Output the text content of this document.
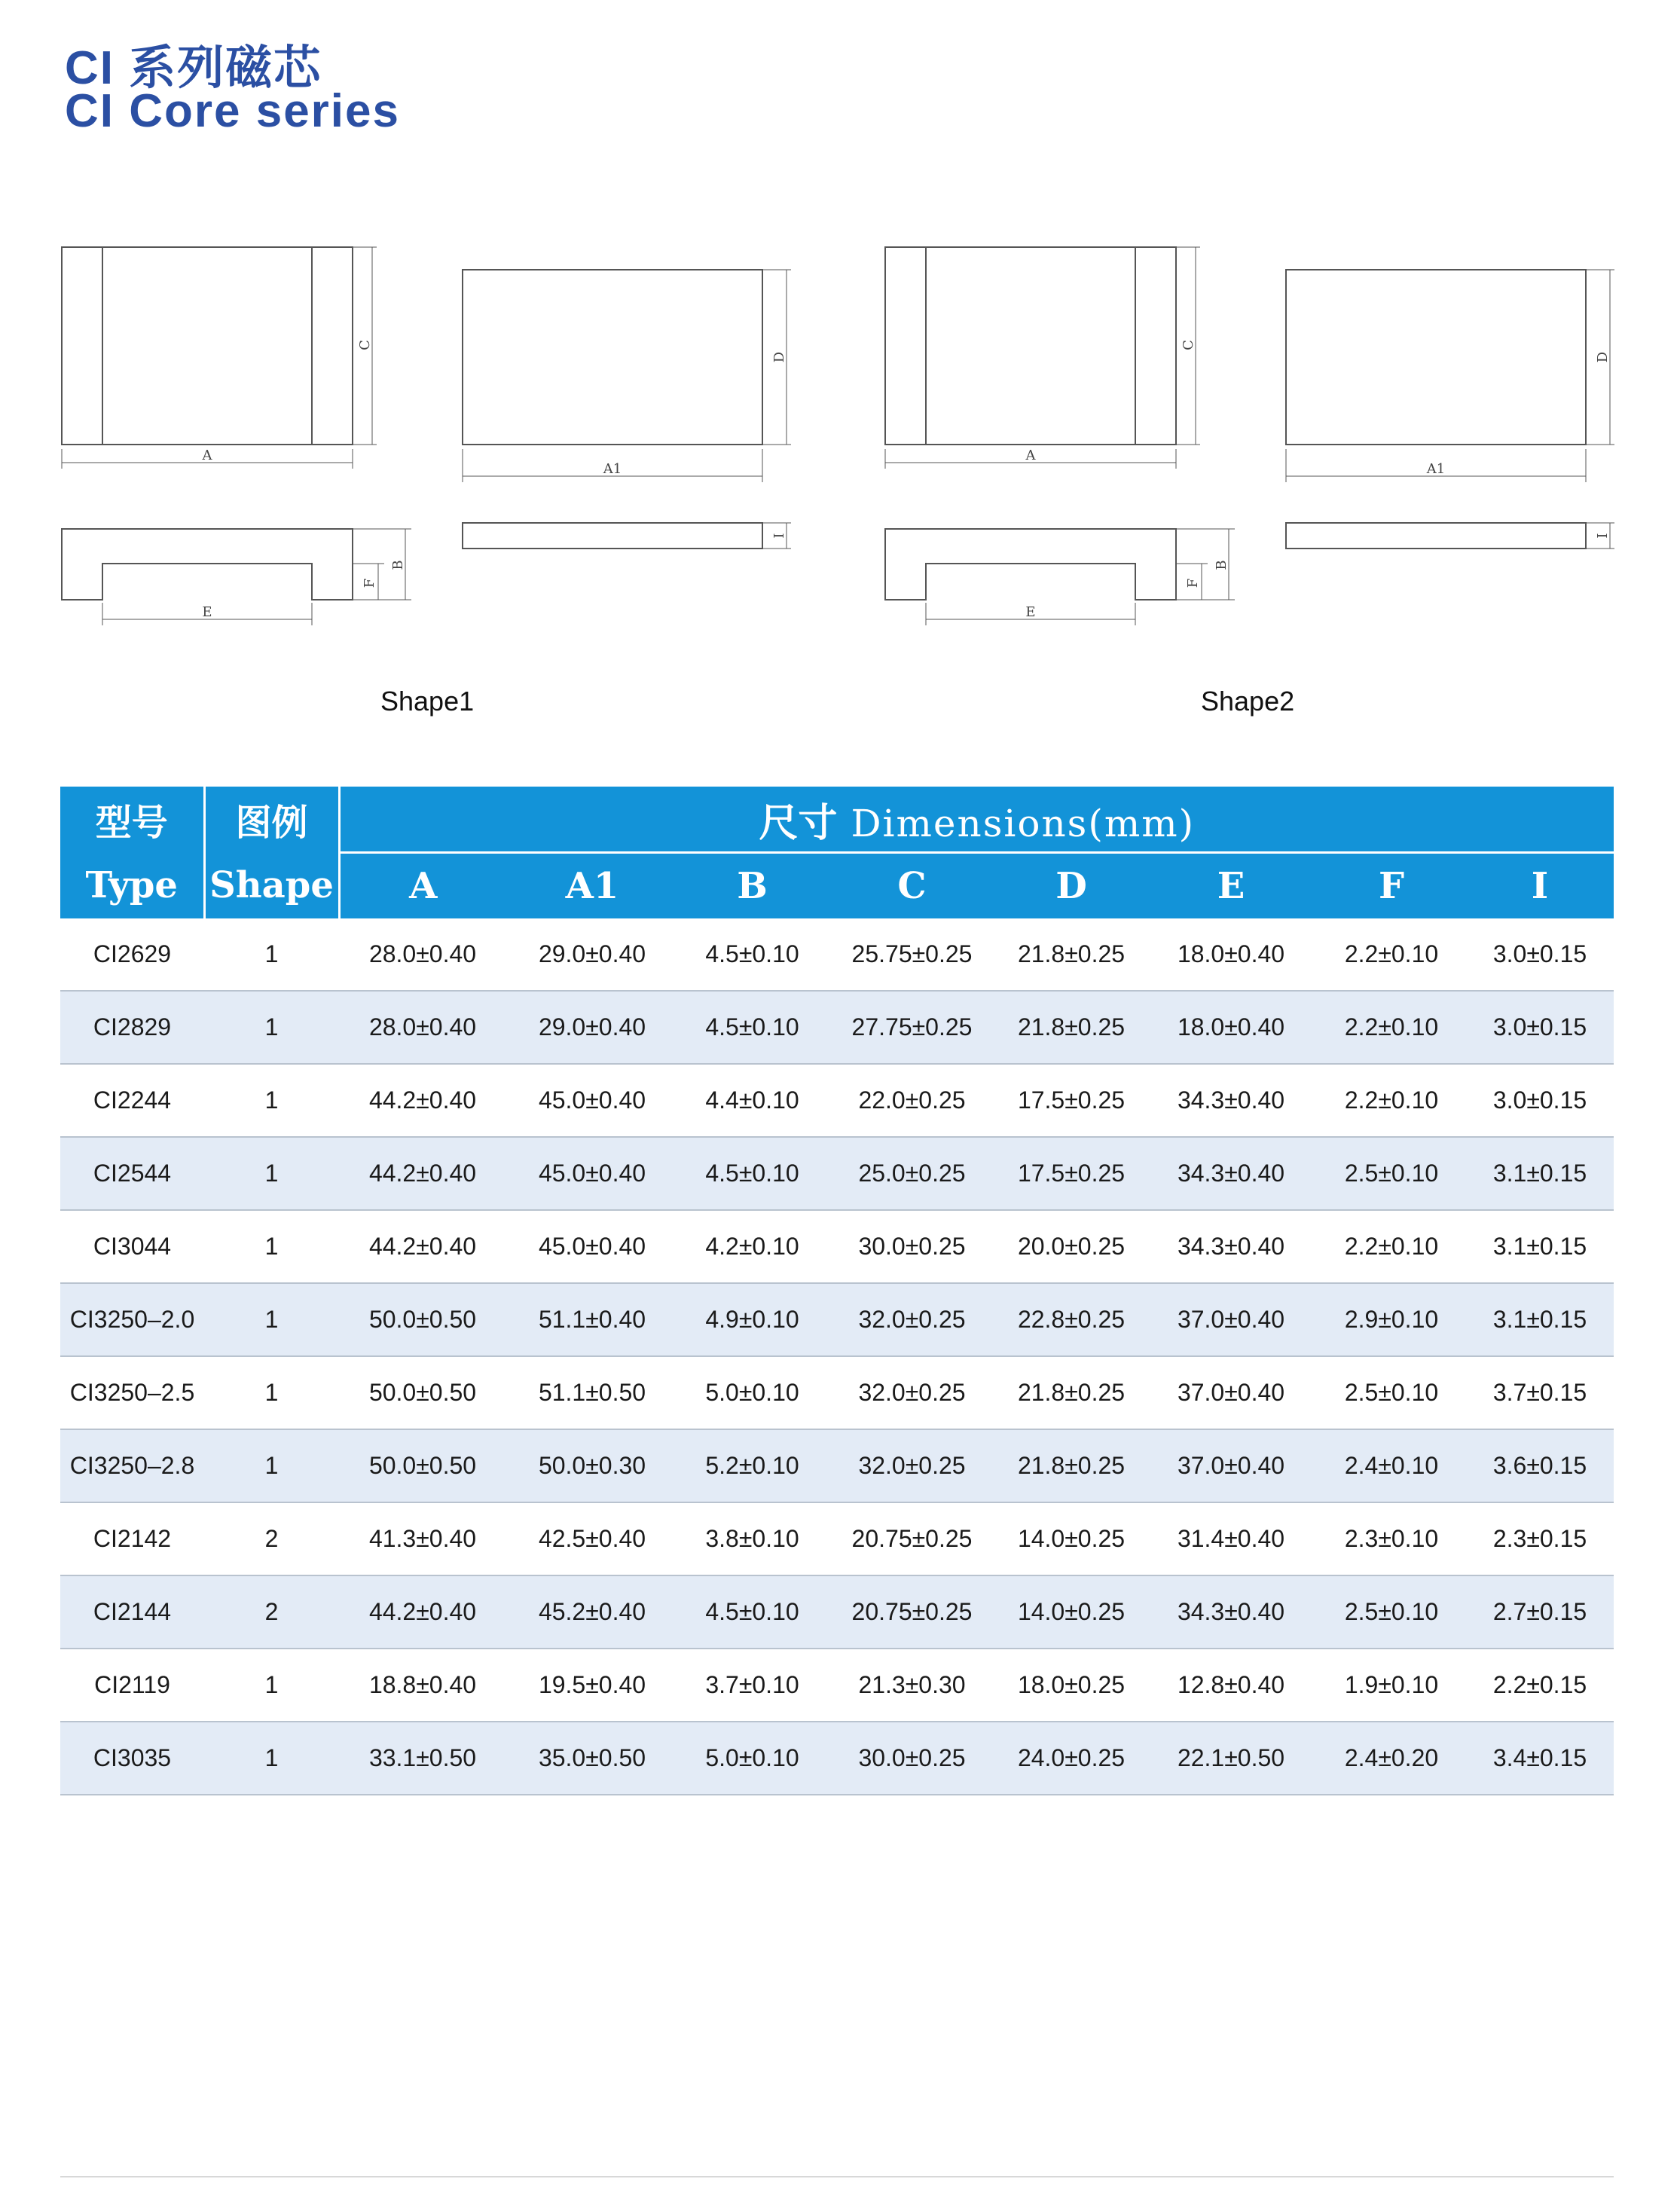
CI 系列磁芯
CI Core series
A
C
E
F
B
A1
D
I
A
C
E
F
B
A1
D
I
Shape1	Shape2
型号	图例	尺寸 Dimensions(mm)							
Type	Shape	A	A1	B	C	D	E	F	I
CI2629	1	28.0±0.40	29.0±0.40	4.5±0.10	25.75±0.25	21.8±0.25	18.0±0.40	2.2±0.10	3.0±0.15
CI2829	1	28.0±0.40	29.0±0.40	4.5±0.10	27.75±0.25	21.8±0.25	18.0±0.40	2.2±0.10	3.0±0.15
CI2244	1	44.2±0.40	45.0±0.40	4.4±0.10	22.0±0.25	17.5±0.25	34.3±0.40	2.2±0.10	3.0±0.15
CI2544	1	44.2±0.40	45.0±0.40	4.5±0.10	25.0±0.25	17.5±0.25	34.3±0.40	2.5±0.10	3.1±0.15
CI3044	1	44.2±0.40	45.0±0.40	4.2±0.10	30.0±0.25	20.0±0.25	34.3±0.40	2.2±0.10	3.1±0.15
CI3250–2.0	1	50.0±0.50	51.1±0.40	4.9±0.10	32.0±0.25	22.8±0.25	37.0±0.40	2.9±0.10	3.1±0.15
CI3250–2.5	1	50.0±0.50	51.1±0.50	5.0±0.10	32.0±0.25	21.8±0.25	37.0±0.40	2.5±0.10	3.7±0.15
CI3250–2.8	1	50.0±0.50	50.0±0.30	5.2±0.10	32.0±0.25	21.8±0.25	37.0±0.40	2.4±0.10	3.6±0.15
CI2142	2	41.3±0.40	42.5±0.40	3.8±0.10	20.75±0.25	14.0±0.25	31.4±0.40	2.3±0.10	2.3±0.15
CI2144	2	44.2±0.40	45.2±0.40	4.5±0.10	20.75±0.25	14.0±0.25	34.3±0.40	2.5±0.10	2.7±0.15
CI2119	1	18.8±0.40	19.5±0.40	3.7±0.10	21.3±0.30	18.0±0.25	12.8±0.40	1.9±0.10	2.2±0.15
CI3035	1	33.1±0.50	35.0±0.50	5.0±0.10	30.0±0.25	24.0±0.25	22.1±0.50	2.4±0.20	3.4±0.15
